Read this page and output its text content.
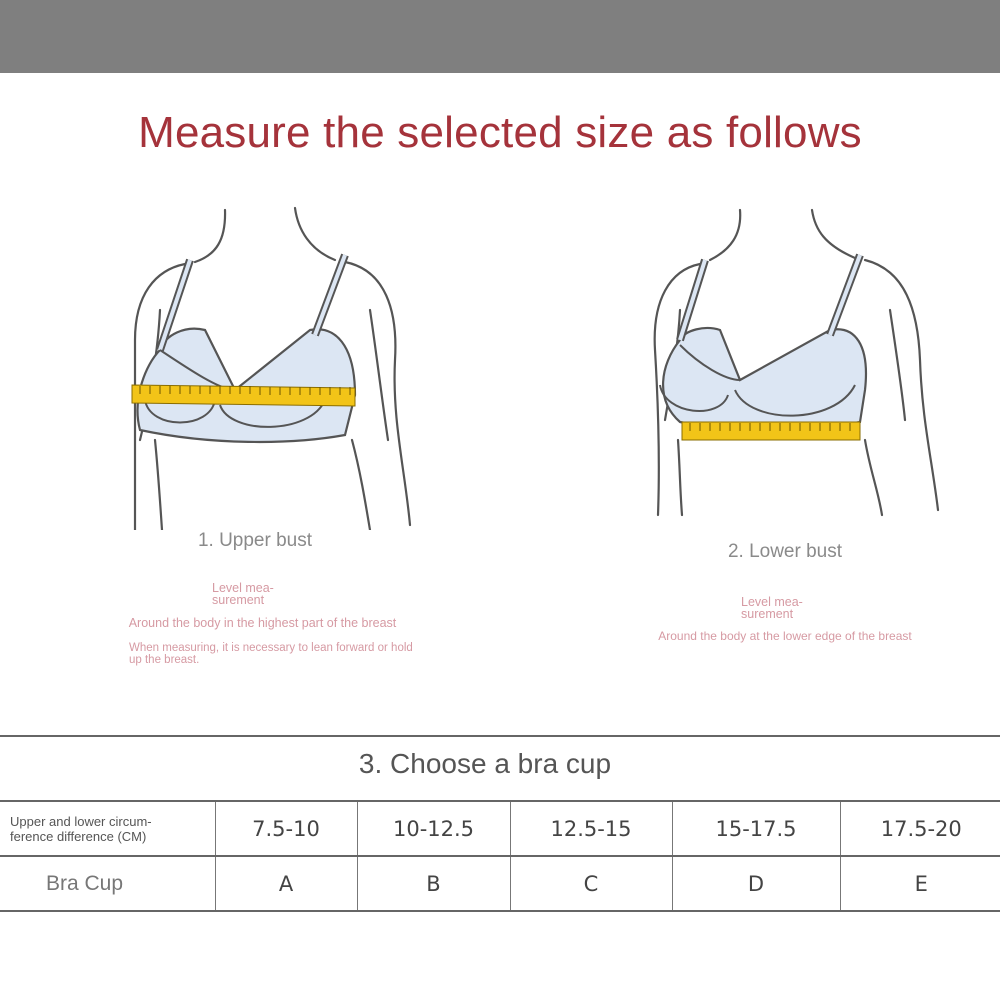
Measure the selected size as follows
1. Upper bust
Level mea-
surement
Around the body in the highest part of the breast
When measuring, it is necessary to lean forward or hold up the breast.
2. Lower bust
Level mea-
surement
Around the body at the lower edge of the breast
3. Choose a bra cup
Upper and lower circum-
ference difference (CM)	7.5-10	10-12.5	12.5-15	15-17.5	17.5-20
Bra Cup	A	B	C	D	E
